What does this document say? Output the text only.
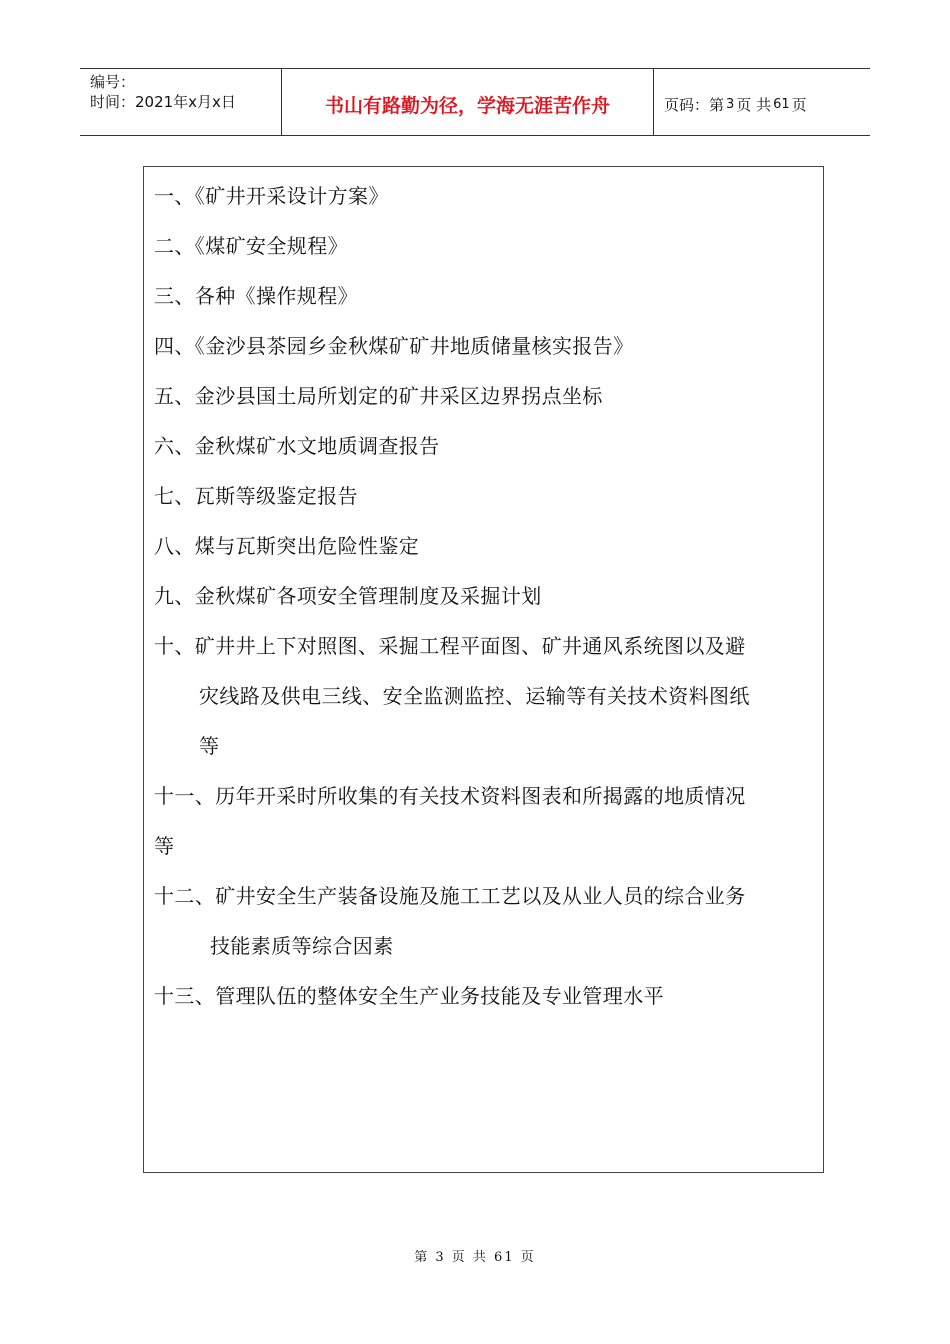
编号：
时间：2021年x月x日	书山有路勤为径，学海无涯苦作舟	页码：第 3 页 共 61 页
一、《矿井开采设计方案》
二、《煤矿安全规程》
三、各种《操作规程》
四、《金沙县茶园乡金秋煤矿矿井地质储量核实报告》
五、金沙县国土局所划定的矿井采区边界拐点坐标
六、金秋煤矿水文地质调查报告
七、瓦斯等级鉴定报告
八、煤与瓦斯突出危险性鉴定
九、金秋煤矿各项安全管理制度及采掘计划
十、矿井井上下对照图、采掘工程平面图、矿井通风系统图以及避
灾线路及供电三线、安全监测监控、运输等有关技术资料图纸
等
十一、历年开采时所收集的有关技术资料图表和所揭露的地质情况
等
十二、矿井安全生产装备设施及施工工艺以及从业人员的综合业务
技能素质等综合因素
十三、管理队伍的整体安全生产业务技能及专业管理水平
第 3 页 共 61 页
